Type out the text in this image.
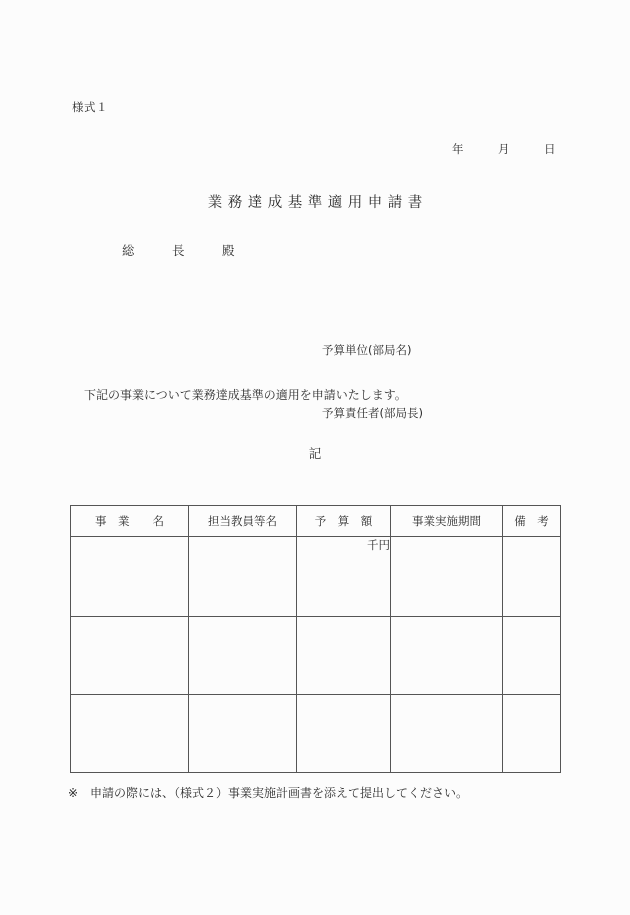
様式１
年　　　月　　　日
業務達成基準適用申請書
総　　　長　　　殿

予算単位(部局名)

予算責任者(部局長)

下記の事業について業務達成基準の適用を申請いたします。
記
事　業　　名	担当教員等名	予　算　額	事業実施期間	備　考
		千円		

※　申請の際には、（様式２）事業実施計画書を添えて提出してください。
